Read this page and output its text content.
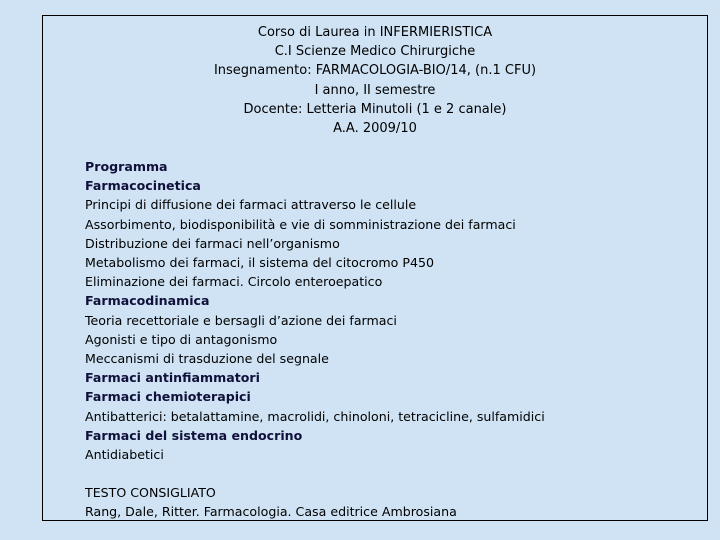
Corso di Laurea in INFERMIERISTICA
C.I Scienze Medico Chirurgiche
Insegnamento: FARMACOLOGIA-BIO/14, (n.1 CFU)
I anno, II semestre
Docente: Letteria Minutoli (1 e 2 canale)
A.A. 2009/10
Programma
Farmacocinetica
Principi di diffusione dei farmaci attraverso le cellule
Assorbimento, biodisponibilità e vie di somministrazione dei farmaci
Distribuzione dei farmaci nell’organismo
Metabolismo dei farmaci, il sistema del citocromo P450
Eliminazione dei farmaci. Circolo enteroepatico
Farmacodinamica
Teoria recettoriale e bersagli d’azione dei farmaci
Agonisti e tipo di antagonismo
Meccanismi di trasduzione del segnale
Farmaci antinfiammatori
Farmaci chemioterapici
Antibatterici: betalattamine, macrolidi, chinoloni, tetracicline, sulfamidici
Farmaci del sistema endocrino
Antidiabetici
TESTO CONSIGLIATO
Rang, Dale, Ritter. Farmacologia. Casa editrice Ambrosiana
